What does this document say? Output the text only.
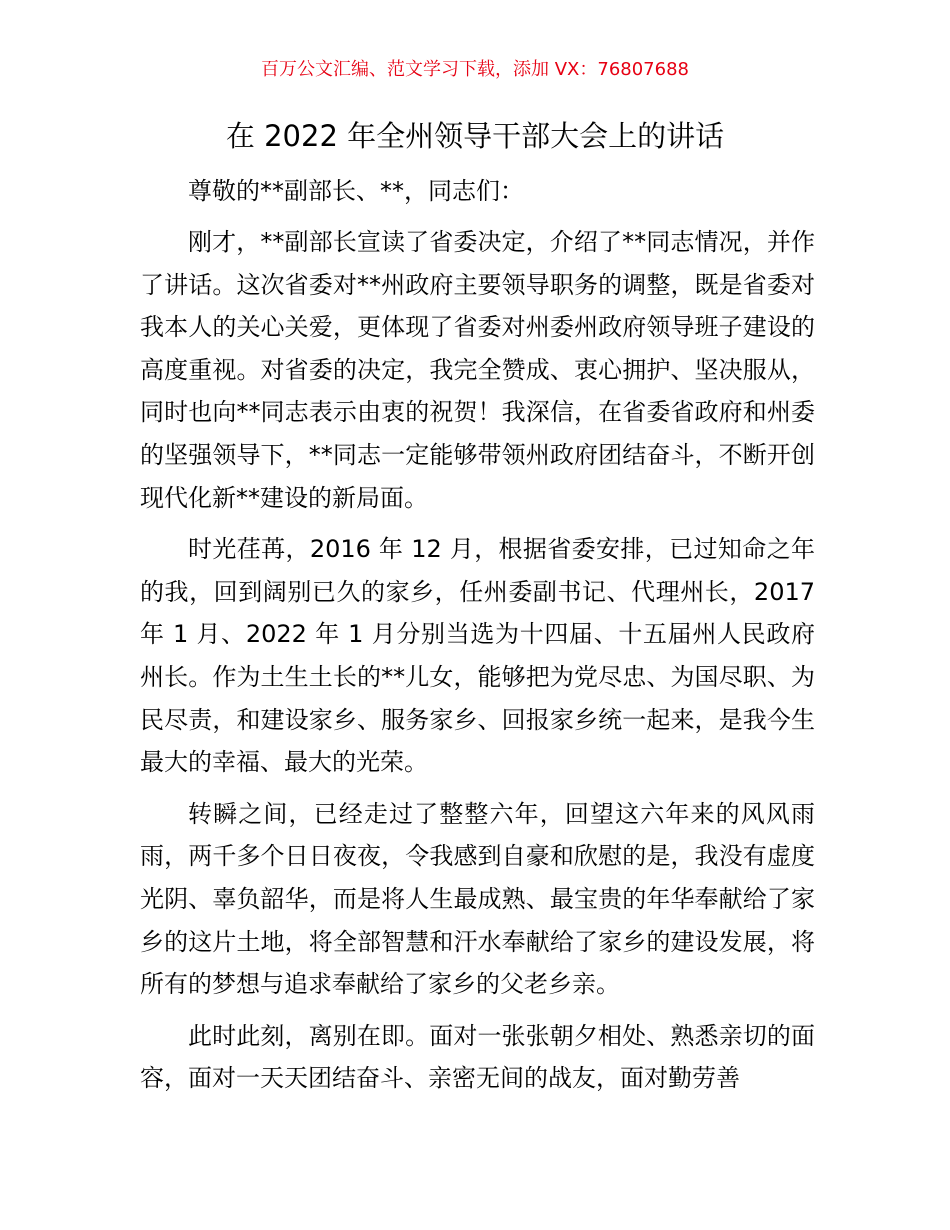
百万公文汇编、范文学习下载，添加 VX：76807688
在 2022 年全州领导干部大会上的讲话

尊敬的**副部长、**，同志们：

刚才，**副部长宣读了省委决定，介绍了**同志情况，并作了讲话。这次省委对**州政府主要领导职务的调整，既是省委对我本人的关心关爱，更体现了省委对州委州政府领导班子建设的高度重视。对省委的决定，我完全赞成、衷心拥护、坚决服从，同时也向**同志表示由衷的祝贺！我深信，在省委省政府和州委的坚强领导下，**同志一定能够带领州政府团结奋斗，不断开创现代化新**建设的新局面。

时光荏苒，2016 年 12 月，根据省委安排，已过知命之年的我，回到阔别已久的家乡，任州委副书记、代理州长，2017 年 1 月、2022 年 1 月分别当选为十四届、十五届州人民政府州长。作为土生土长的**儿女，能够把为党尽忠、为国尽职、为民尽责，和建设家乡、服务家乡、回报家乡统一起来，是我今生最大的幸福、最大的光荣。

转瞬之间，已经走过了整整六年，回望这六年来的风风雨雨，两千多个日日夜夜，令我感到自豪和欣慰的是，我没有虚度光阴、辜负韶华，而是将人生最成熟、最宝贵的年华奉献给了家乡的这片土地，将全部智慧和汗水奉献给了家乡的建设发展，将所有的梦想与追求奉献给了家乡的父老乡亲。

此时此刻，离别在即。面对一张张朝夕相处、熟悉亲切的面容，面对一天天团结奋斗、亲密无间的战友，面对勤劳善
